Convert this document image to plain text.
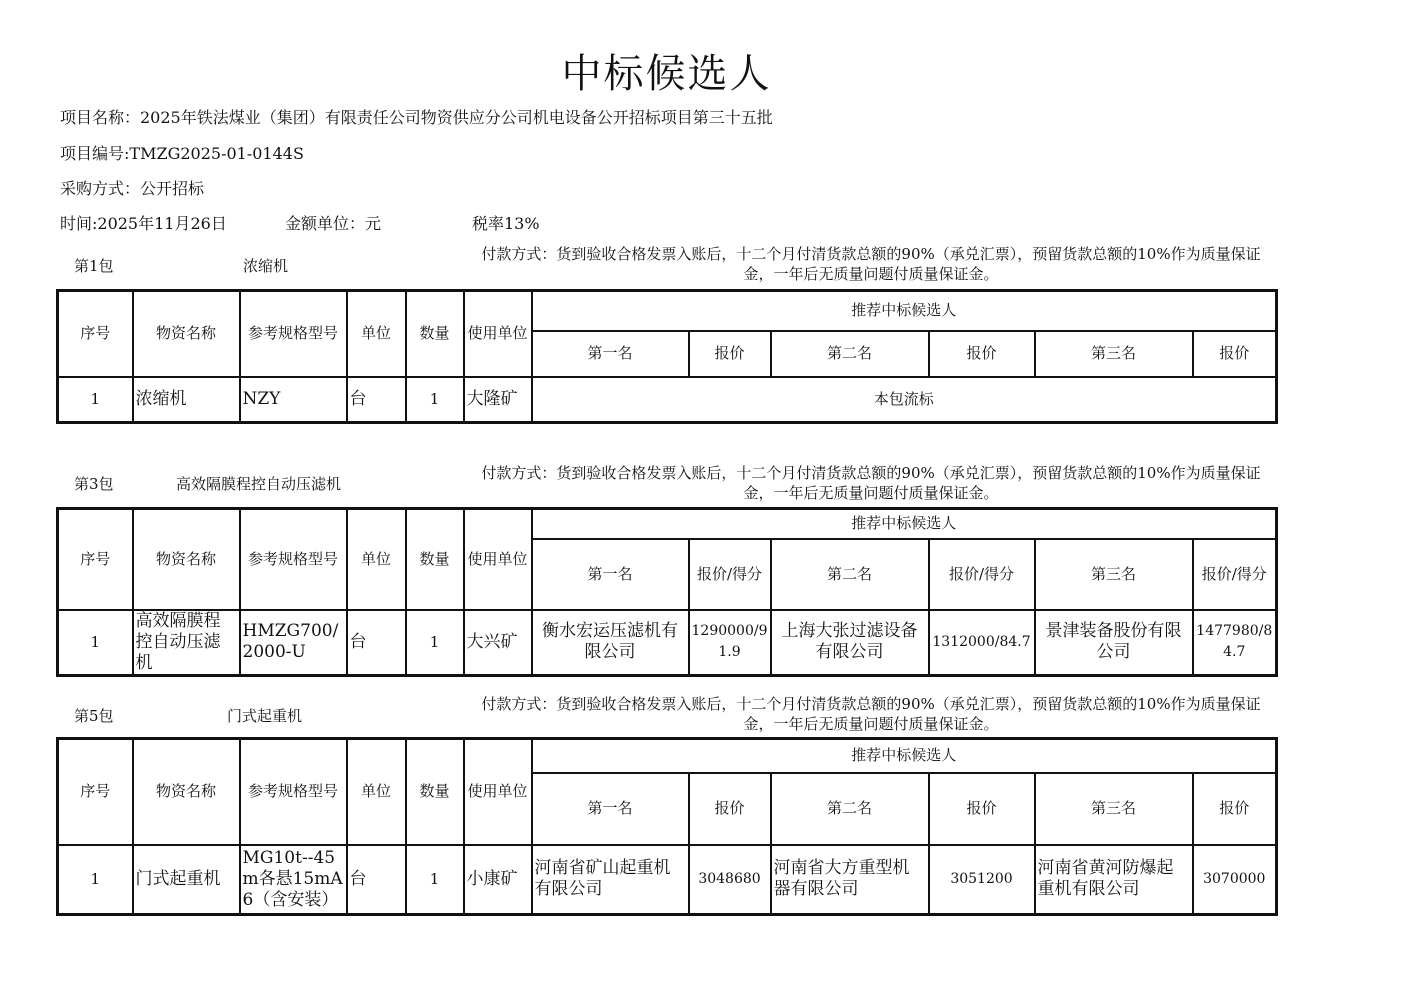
中标候选人
项目名称：2025年铁法煤业（集团）有限责任公司物资供应分公司机电设备公开招标项目第三十五批
项目编号:TMZG2025-01-0144S
采购方式：公开招标
时间:2025年11月26日	金额单位：元	税率13%
第1包	浓缩机
付款方式：货到验收合格发票入账后，十二个月付清货款总额的90%（承兑汇票），预留货款总额的10%作为质量保证金，一年后无质量问题付质量保证金。
序号	物资名称	参考规格型号	单位	数量	使用单位	推荐中标候选人					
						第一名	报价	第二名	报价	第三名	报价
1	浓缩机	NZY	台	1	大隆矿	本包流标					
第3包	高效隔膜程控自动压滤机
付款方式：货到验收合格发票入账后，十二个月付清货款总额的90%（承兑汇票），预留货款总额的10%作为质量保证金，一年后无质量问题付质量保证金。
序号	物资名称	参考规格型号	单位	数量	使用单位	推荐中标候选人					
						第一名	报价/得分	第二名	报价/得分	第三名	报价/得分
1	高效隔膜程控自动压滤机	HMZG700/2000-U	台	1	大兴矿	衡水宏运压滤机有限公司	1290000/91.9	上海大张过滤设备有限公司	1312000/84.7	景津装备股份有限公司	1477980/84.7
第5包	门式起重机
付款方式：货到验收合格发票入账后，十二个月付清货款总额的90%（承兑汇票），预留货款总额的10%作为质量保证金，一年后无质量问题付质量保证金。
序号	物资名称	参考规格型号	单位	数量	使用单位	推荐中标候选人					
						第一名	报价	第二名	报价	第三名	报价
1	门式起重机	MG10t--45m各悬15mA6（含安装）	台	1	小康矿	河南省矿山起重机有限公司	3048680	河南省大方重型机器有限公司	3051200	河南省黄河防爆起重机有限公司	3070000
